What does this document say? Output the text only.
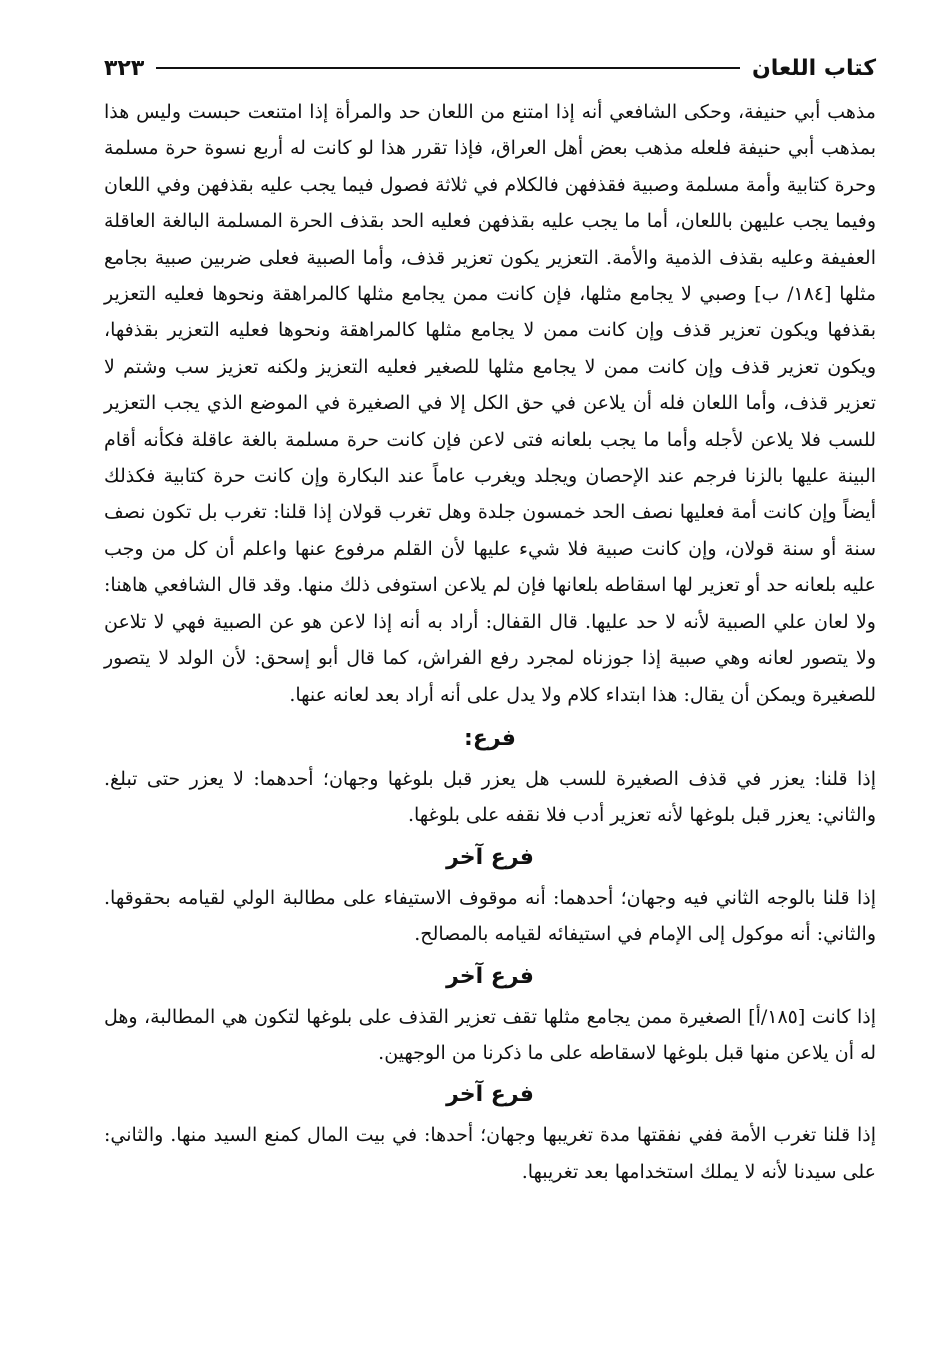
كتاب اللعان
٣٢٣

مذهب أبي حنيفة، وحكى الشافعي أنه إذا امتنع من اللعان حد والمرأة إذا امتنعت حبست وليس هذا بمذهب أبي حنيفة فلعله مذهب بعض أهل العراق، فإذا تقرر هذا لو كانت له أربع نسوة حرة مسلمة وحرة كتابية وأمة مسلمة وصبية فقذفهن فالكلام في ثلاثة فصول فيما يجب عليه بقذفهن وفي اللعان وفيما يجب عليهن باللعان، أما ما يجب عليه بقذفهن فعليه الحد بقذف الحرة المسلمة البالغة العاقلة العفيفة وعليه بقذف الذمية والأمة. التعزير يكون تعزير قذف، وأما الصبية فعلى ضربين صبية بجامع مثلها [١٨٤/ ب] وصبي لا يجامع مثلها، فإن كانت ممن يجامع مثلها كالمراهقة ونحوها فعليه التعزير بقذفها ويكون تعزير قذف وإن كانت ممن لا يجامع مثلها كالمراهقة ونحوها فعليه التعزير بقذفها، ويكون تعزير قذف وإن كانت ممن لا يجامع مثلها للصغير فعليه التعزيز ولكنه تعزيز سب وشتم لا تعزير قذف، وأما اللعان فله أن يلاعن في حق الكل إلا في الصغيرة في الموضع الذي يجب التعزير للسب فلا يلاعن لأجله وأما ما يجب بلعانه فتى لاعن فإن كانت حرة مسلمة بالغة عاقلة فكأنه أقام البينة عليها بالزنا فرجم عند الإحصان ويجلد ويغرب عاماً عند البكارة وإن كانت حرة كتابية فكذلك أيضاً وإن كانت أمة فعليها نصف الحد خمسون جلدة وهل تغرب قولان إذا قلنا: تغرب بل تكون نصف سنة أو سنة قولان، وإن كانت صبية فلا شيء عليها لأن القلم مرفوع عنها واعلم أن كل من وجب عليه بلعانه حد أو تعزير لها اسقاطه بلعانها فإن لم يلاعن استوفى ذلك منها. وقد قال الشافعي هاهنا: ولا لعان علي الصبية لأنه لا حد عليها. قال القفال: أراد به أنه إذا لاعن هو عن الصبية فهي لا تلاعن ولا يتصور لعانه وهي صبية إذا جوزناه لمجرد رفع الفراش، كما قال أبو إسحق: لأن الولد لا يتصور للصغيرة ويمكن أن يقال: هذا ابتداء كلام ولا يدل على أنه أراد بعد لعانه عنها.

فرع:

إذا قلنا: يعزر في قذف الصغيرة للسب هل يعزر قبل بلوغها وجهان؛ أحدهما: لا يعزر حتى تبلغ. والثاني: يعزر قبل بلوغها لأنه تعزير أدب فلا نقفه على بلوغها.

فرع آخر

إذا قلنا بالوجه الثاني فيه وجهان؛ أحدهما: أنه موقوف الاستيفاء على مطالبة الولي لقيامه بحقوقها. والثاني: أنه موكول إلى الإمام في استيفائه لقيامه بالمصالح.

فرع آخر

إذا كانت [١٨٥/أ] الصغيرة ممن يجامع مثلها تقف تعزير القذف على بلوغها لتكون هي المطالبة، وهل له أن يلاعن منها قبل بلوغها لاسقاطه على ما ذكرنا من الوجهين.

فرع آخر

إذا قلنا تغرب الأمة ففي نفقتها مدة تغريبها وجهان؛ أحدها: في بيت المال كمنع السيد منها. والثاني: على سيدنا لأنه لا يملك استخدامها بعد تغريبها.
